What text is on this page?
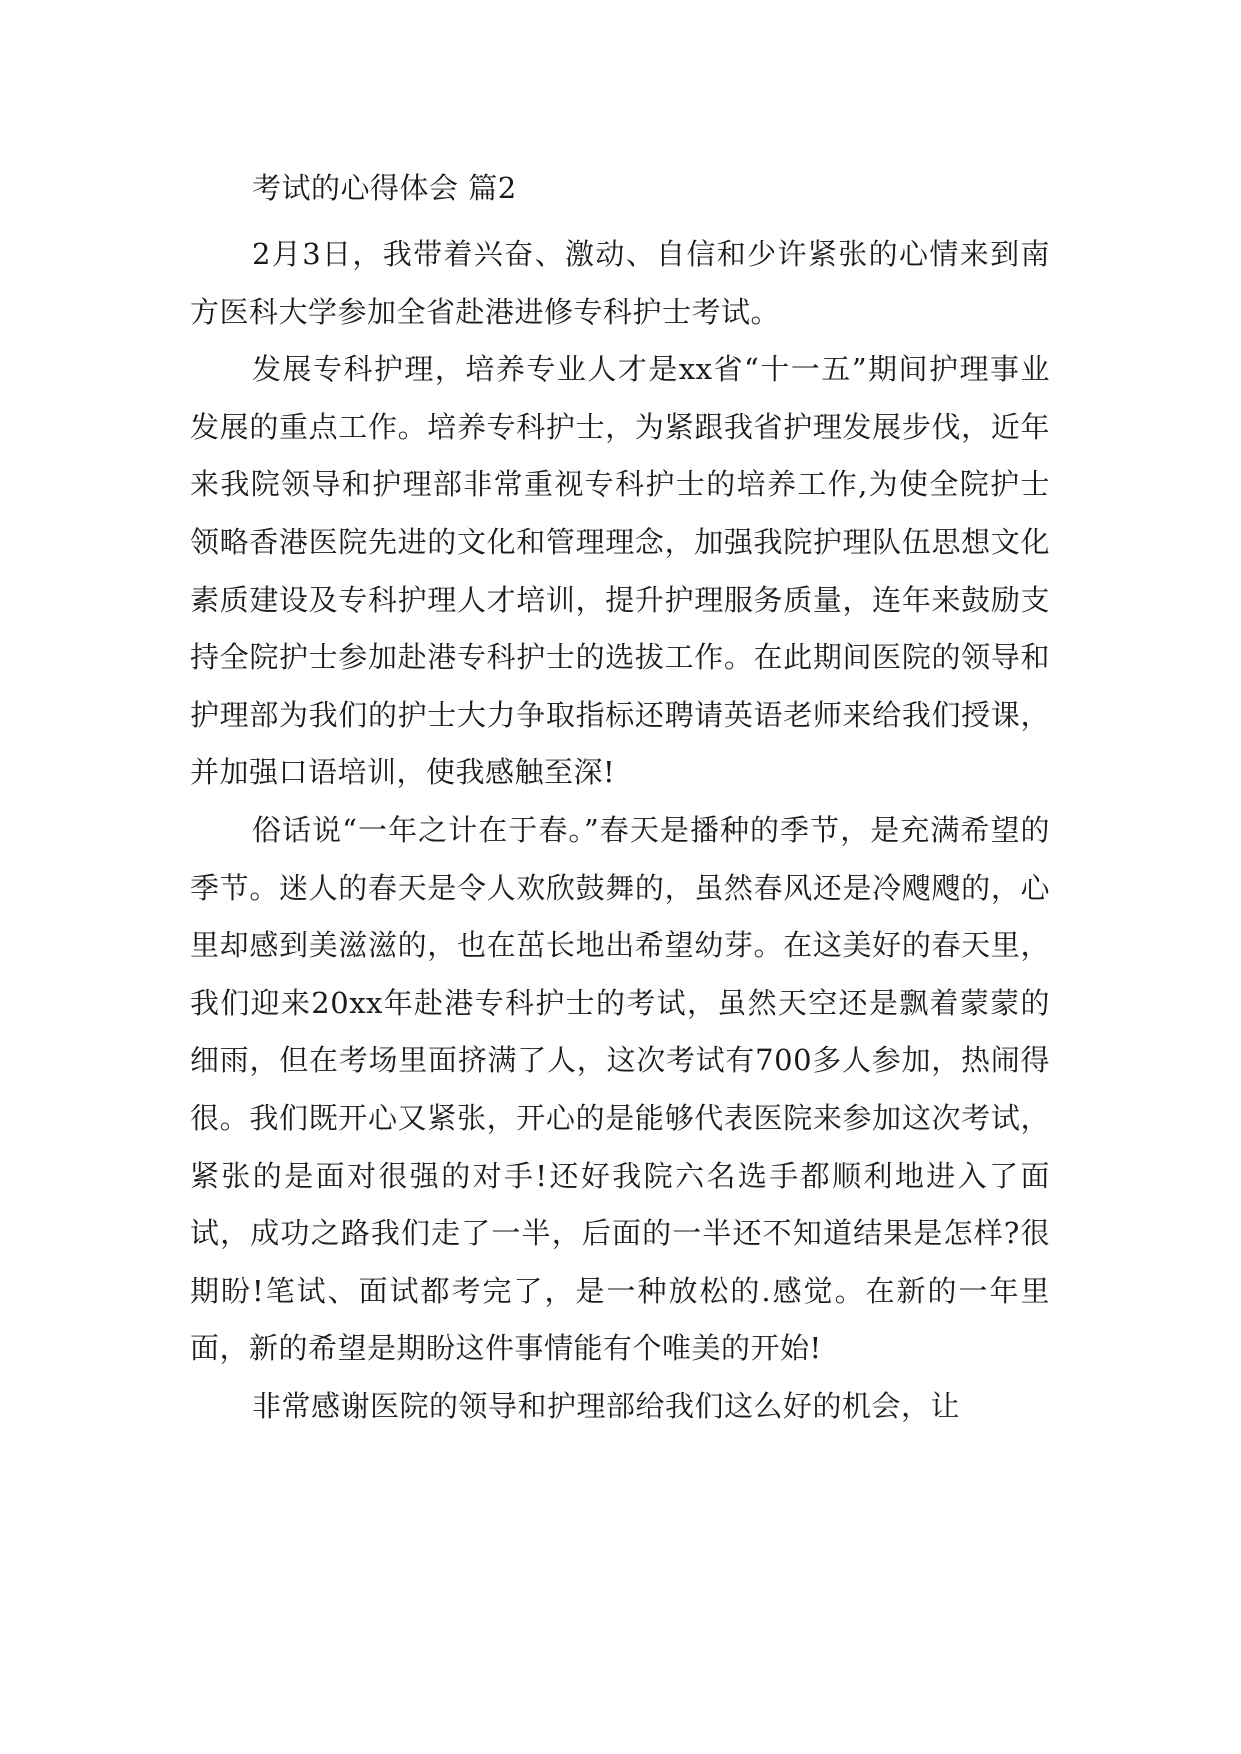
考试的心得体会 篇2

2月3日，我带着兴奋、激动、自信和少许紧张的心情来到南方医科大学参加全省赴港进修专科护士考试。

发展专科护理，培养专业人才是xx省“十一五”期间护理事业发展的重点工作。培养专科护士，为紧跟我省护理发展步伐，近年来我院领导和护理部非常重视专科护士的培养工作,为使全院护士领略香港医院先进的文化和管理理念，加强我院护理队伍思想文化素质建设及专科护理人才培训，提升护理服务质量，连年来鼓励支持全院护士参加赴港专科护士的选拔工作。在此期间医院的领导和护理部为我们的护士大力争取指标还聘请英语老师来给我们授课，并加强口语培训，使我感触至深!

俗话说“一年之计在于春。”春天是播种的季节，是充满希望的季节。迷人的春天是令人欢欣鼓舞的，虽然春风还是冷飕飕的，心里却感到美滋滋的，也在茁长地出希望幼芽。在这美好的春天里，我们迎来20xx年赴港专科护士的考试，虽然天空还是飘着蒙蒙的细雨，但在考场里面挤满了人，这次考试有700多人参加，热闹得很。我们既开心又紧张，开心的是能够代表医院来参加这次考试，紧张的是面对很强的对手!还好我院六名选手都顺利地进入了面试，成功之路我们走了一半，后面的一半还不知道结果是怎样?很期盼!笔试、面试都考完了，是一种放松的.感觉。在新的一年里面，新的希望是期盼这件事情能有个唯美的开始!

非常感谢医院的领导和护理部给我们这么好的机会，让
